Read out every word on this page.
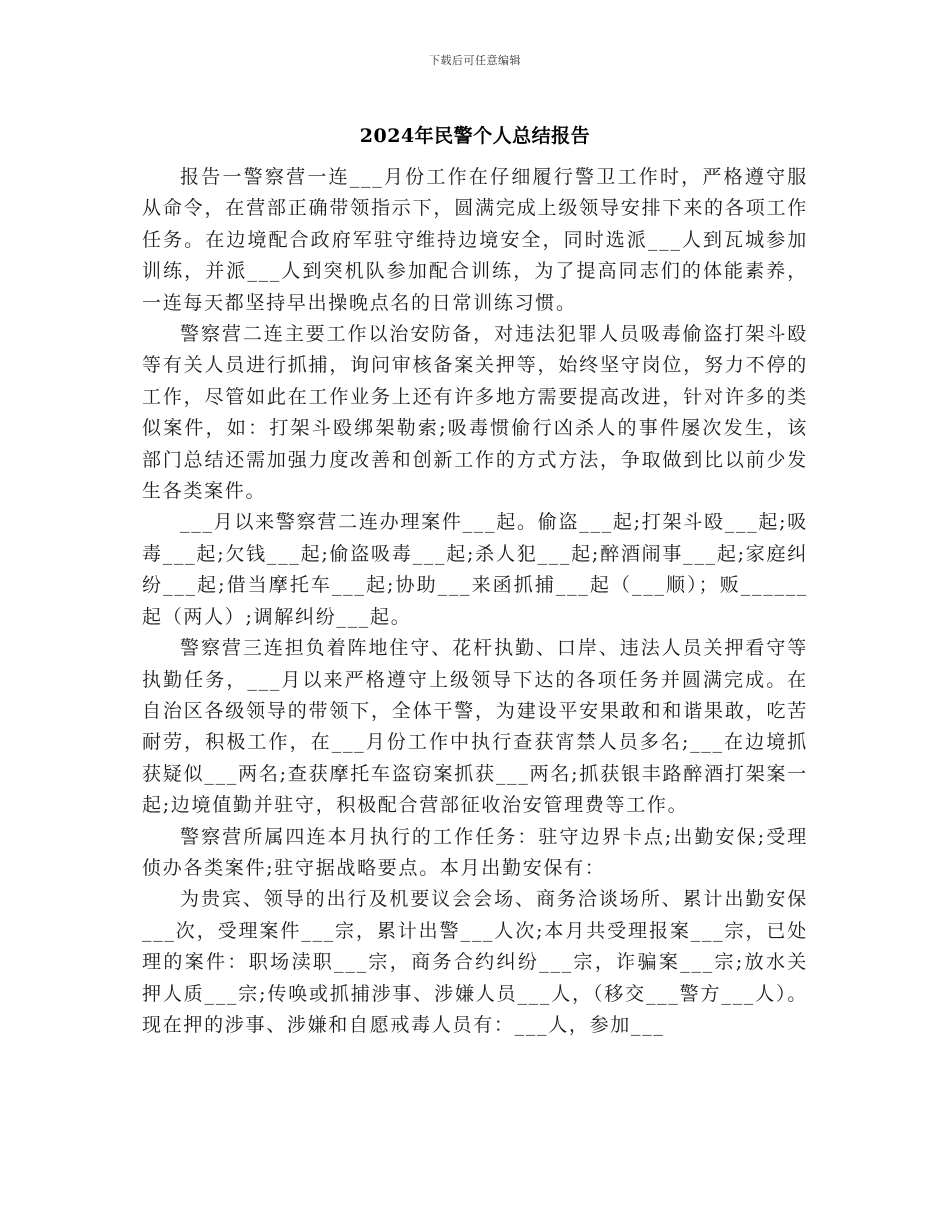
下载后可任意编辑
2024年民警个人总结报告

报告一警察营一连___月份工作在仔细履行警卫工作时，严格遵守服从命令，在营部正确带领指示下，圆满完成上级领导安排下来的各项工作任务。在边境配合政府军驻守维持边境安全，同时选派___人到瓦城参加训练，并派___人到突机队参加配合训练，为了提高同志们的体能素养，一连每天都坚持早出操晚点名的日常训练习惯。

警察营二连主要工作以治安防备，对违法犯罪人员吸毒偷盗打架斗殴等有关人员进行抓捕，询问审核备案关押等，始终坚守岗位，努力不停的工作，尽管如此在工作业务上还有许多地方需要提高改进，针对许多的类似案件，如：打架斗殴绑架勒索;吸毒惯偷行凶杀人的事件屡次发生，该部门总结还需加强力度改善和创新工作的方式方法，争取做到比以前少发生各类案件。

___月以来警察营二连办理案件___起。偷盗___起;打架斗殴___起;吸毒___起;欠钱___起;偷盗吸毒___起;杀人犯___起;醉酒闹事___起;家庭纠纷___起;借当摩托车___起;协助___来函抓捕___起（___顺）；贩______起（两人）;调解纠纷___起。

警察营三连担负着阵地住守、花杆执勤、口岸、违法人员关押看守等执勤任务，___月以来严格遵守上级领导下达的各项任务并圆满完成。在自治区各级领导的带领下，全体干警，为建设平安果敢和和谐果敢，吃苦耐劳，积极工作，在___月份工作中执行查获宵禁人员多名;___在边境抓获疑似___两名;查获摩托车盗窃案抓获___两名;抓获银丰路醉酒打架案一起;边境值勤并驻守，积极配合营部征收治安管理费等工作。

警察营所属四连本月执行的工作任务：驻守边界卡点;出勤安保;受理侦办各类案件;驻守据战略要点。本月出勤安保有：

为贵宾、领导的出行及机要议会会场、商务洽谈场所、累计出勤安保___次，受理案件___宗，累计出警___人次;本月共受理报案___宗，已处理的案件：职场渎职___宗，商务合约纠纷___宗，诈骗案___宗;放水关押人质___宗;传唤或抓捕涉事、涉嫌人员___人，（移交___警方___人）。现在押的涉事、涉嫌和自愿戒毒人员有：___人，参加___
